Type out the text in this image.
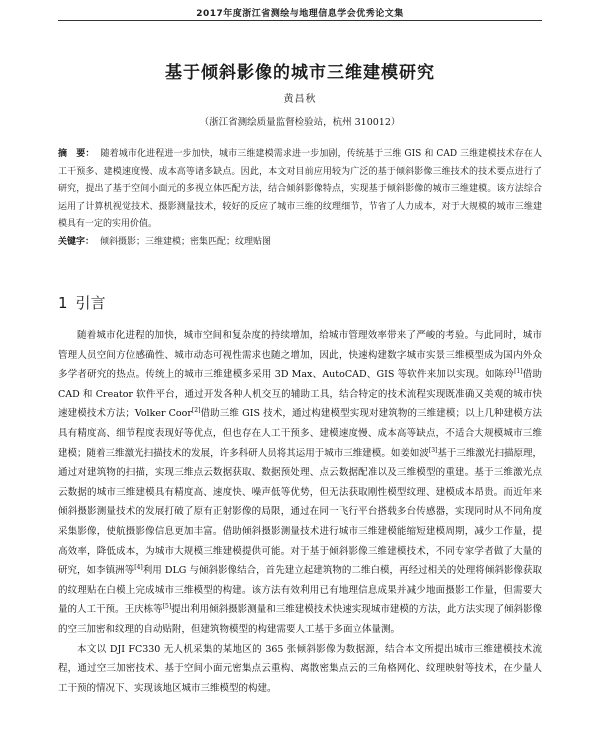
2017年度浙江省测绘与地理信息学会优秀论文集
基于倾斜影像的城市三维建模研究
黄昌秋
（浙江省测绘质量监督检验站，杭州 310012）
摘　要： 随着城市化进程进一步加快，城市三维建模需求进一步加剧，传统基于三维 GIS 和 CAD 三维建模技术存在人工干预多、建模速度慢、成本高等诸多缺点。因此，本文对目前应用较为广泛的基于倾斜影像三维技术的技术要点进行了研究，提出了基于空间小面元的多视立体匹配方法，结合倾斜影像特点，实现基于倾斜影像的城市三维建模。该方法综合运用了计算机视觉技术、摄影测量技术，较好的反应了城市三维的纹理细节，节省了人力成本，对于大规模的城市三维建模具有一定的实用价值。
关键字： 倾斜摄影；三维建模；密集匹配；纹理贴图
1 引言

随着城市化进程的加快，城市空间和复杂度的持续增加，给城市管理效率带来了严峻的考验。与此同时，城市管理人员空间方位感确性、城市动态可视性需求也随之增加，因此，快速构建数字城市实景三维模型成为国内外众多学者研究的热点。传统上的城市三维建模多采用 3D Max、AutoCAD、GIS 等软件来加以实现。如陈玲[1]借助 CAD 和 Creator 软件平台，通过开发各种人机交互的辅助工具，结合特定的技术流程实现既准确又美观的城市快速建模技术方法；Volker Coor[2]借助三维 GIS 技术，通过构建模型实现对建筑物的三维建模；以上几种建模方法具有精度高、细节程度表现好等优点，但也存在人工干预多、建模速度慢、成本高等缺点，不适合大规模城市三维建模；随着三维激光扫描技术的发展，许多科研人员将其运用于城市三维建模。如姜如波[3]基于三维激光扫描原理，通过对建筑物的扫描，实现三维点云数据获取、数据预处理、点云数据配准以及三维模型的重建。基于三维激光点云数据的城市三维建模具有精度高、速度快、噪声低等优势，但无法获取刚性模型纹理、建模成本昂贵。而近年来倾斜摄影测量技术的发展打破了原有正射影像的局限，通过在同一飞行平台搭载多台传感器，实现同时从不同角度采集影像，使航摄影像信息更加丰富。借助倾斜摄影测量技术进行城市三维建模能缩短建模周期，减少工作量，提高效率，降低成本，为城市大规模三维建模提供可能。对于基于倾斜影像三维建模技术，不同专家学者做了大量的研究，如李镇洲等[4]利用 DLG 与倾斜影像结合，首先建立起建筑物的二维白模，再经过相关的处理将倾斜影像获取的纹理贴在白模上完成城市三维模型的构建。该方法有效利用已有地理信息成果并减少地面摄影工作量，但需要大量的人工干预。王庆栋等[5]提出利用倾斜摄影测量和三维建模技术快速实现城市建模的方法，此方法实现了倾斜影像的空三加密和纹理的自动贴附，但建筑物模型的构建需要人工基于多面立体量测。

本文以 DJI FC330 无人机采集的某地区的 365 张倾斜影像为数据源，结合本文所提出城市三维建模技术流程，通过空三加密技术、基于空间小面元密集点云重构、离散密集点云的三角格网化、纹理映射等技术，在少量人工干预的情况下、实现该地区城市三维模型的构建。
